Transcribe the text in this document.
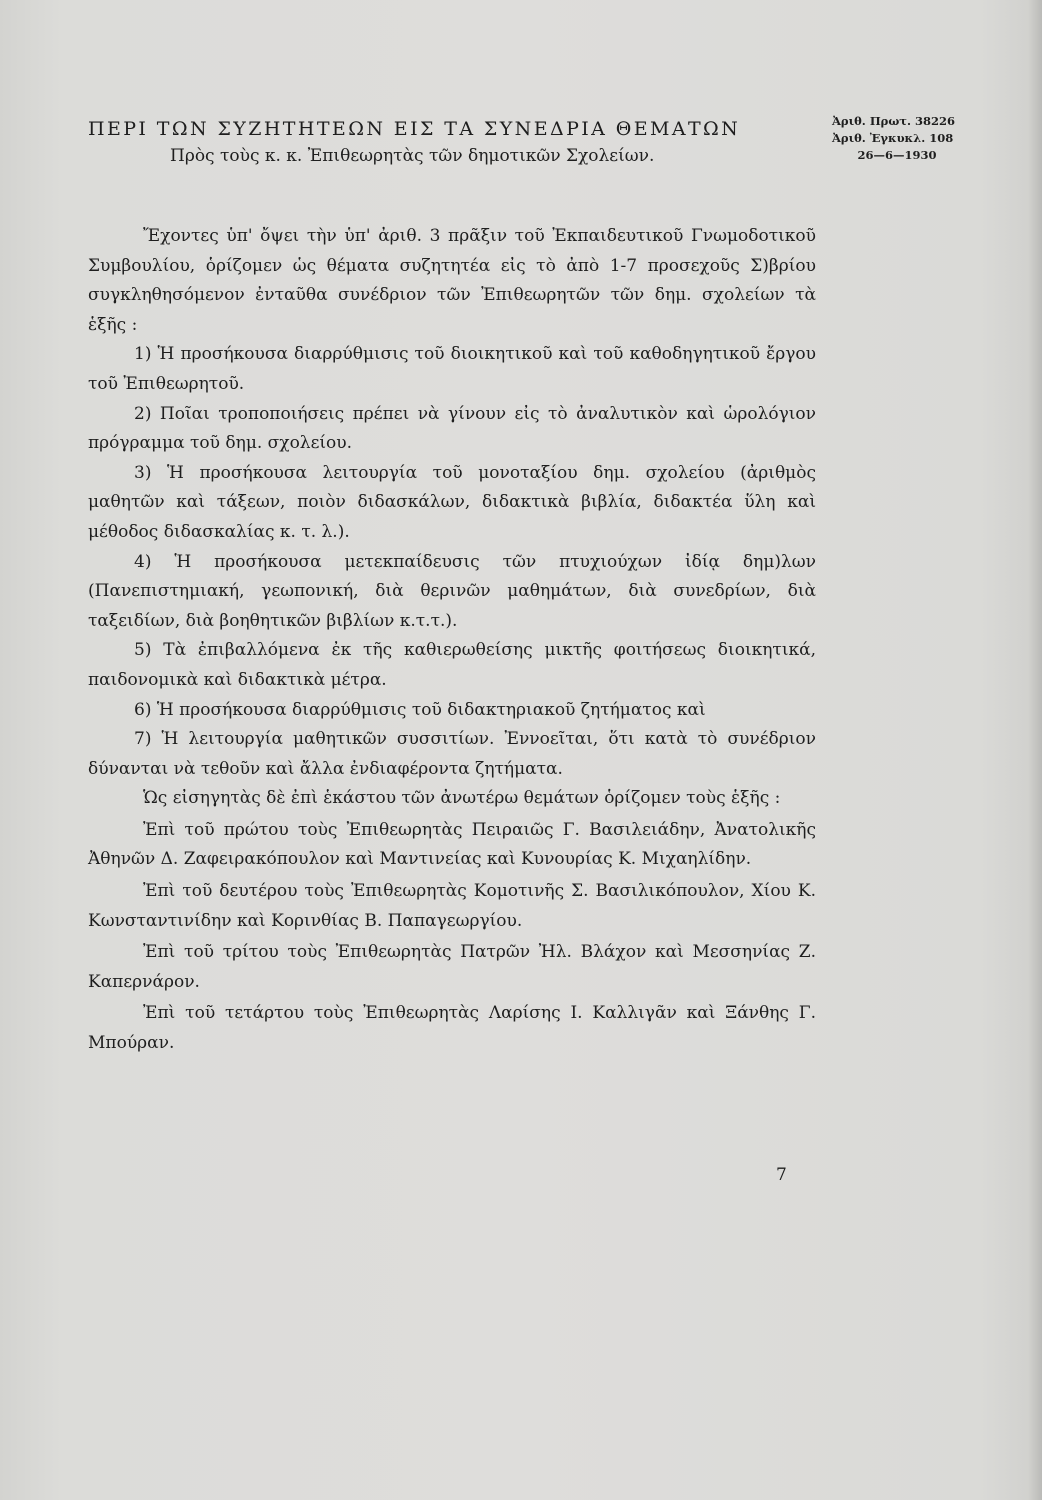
ΠΕΡΙ ΤΩΝ ΣΥΖΗΤΗΤΕΩΝ ΕΙΣ ΤΑ ΣΥΝΕΔΡΙΑ ΘΕΜΑΤΩΝ
Πρὸς τοὺς κ. κ. Ἐπιθεωρητὰς τῶν δημοτικῶν Σχολείων.
Ἀριθ. Πρωτ. 38226
Ἀριθ. Ἐγκυκλ. 108
26—6—1930

Ἔχοντες ὑπ' ὄψει τὴν ὑπ' ἀριθ. 3 πρᾶξιν τοῦ Ἐκπαιδευτικοῦ Γνωμοδοτικοῦ Συμβουλίου, ὁρίζομεν ὡς θέματα συζητητέα εἰς τὸ ἀπὸ 1-7 προσεχοῦς Σ)βρίου συγκληθησόμενον ἐνταῦθα συνέδριον τῶν Ἐπιθεωρητῶν τῶν δημ. σχολείων τὰ ἑξῆς :

1) Ἡ προσήκουσα διαρρύθμισις τοῦ διοικητικοῦ καὶ τοῦ καθοδηγητικοῦ ἔργου τοῦ Ἐπιθεωρητοῦ.

2) Ποῖαι τροποποιήσεις πρέπει νὰ γίνουν εἰς τὸ ἀναλυτικὸν καὶ ὡρολόγιον πρόγραμμα τοῦ δημ. σχολείου.

3) Ἡ προσήκουσα λειτουργία τοῦ μονοταξίου δημ. σχολείου (ἀριθμὸς μαθητῶν καὶ τάξεων, ποιὸν διδασκάλων, διδακτικὰ βιβλία, διδακτέα ὕλη καὶ μέθοδος διδασκαλίας κ. τ. λ.).

4) Ἡ προσήκουσα μετεκπαίδευσις τῶν πτυχιούχων ἰδίᾳ δημ)λων (Πανεπιστημιακή, γεωπονική, διὰ θερινῶν μαθημάτων, διὰ συνεδρίων, διὰ ταξειδίων, διὰ βοηθητικῶν βιβλίων κ.τ.τ.).

5) Τὰ ἐπιβαλλόμενα ἐκ τῆς καθιερωθείσης μικτῆς φοιτήσεως διοικητικά, παιδονομικὰ καὶ διδακτικὰ μέτρα.

6) Ἡ προσήκουσα διαρρύθμισις τοῦ διδακτηριακοῦ ζητήματος καὶ

7) Ἡ λειτουργία μαθητικῶν συσσιτίων. Ἐννοεῖται, ὅτι κατὰ τὸ συνέδριον δύνανται νὰ τεθοῦν καὶ ἄλλα ἐνδιαφέροντα ζητήματα.

Ὡς εἰσηγητὰς δὲ ἐπὶ ἑκάστου τῶν ἀνωτέρω θεμάτων ὁρίζομεν τοὺς ἑξῆς :

Ἐπὶ τοῦ πρώτου τοὺς Ἐπιθεωρητὰς Πειραιῶς Γ. Βασιλειάδην, Ἀνατολικῆς Ἀθηνῶν Δ. Ζαφειρακόπουλον καὶ Μαντινείας καὶ Κυνουρίας Κ. Μιχαηλίδην.

Ἐπὶ τοῦ δευτέρου τοὺς Ἐπιθεωρητὰς Κομοτινῆς Σ. Βασιλικόπουλον, Χίου Κ. Κωνσταντινίδην καὶ Κορινθίας Β. Παπαγεωργίου.

Ἐπὶ τοῦ τρίτου τοὺς Ἐπιθεωρητὰς Πατρῶν Ἠλ. Βλάχον καὶ Μεσσηνίας Ζ. Καπερνάρον.

Ἐπὶ τοῦ τετάρτου τοὺς Ἐπιθεωρητὰς Λαρίσης Ι. Καλλιγᾶν καὶ Ξάνθης Γ. Μπούραν.

7
